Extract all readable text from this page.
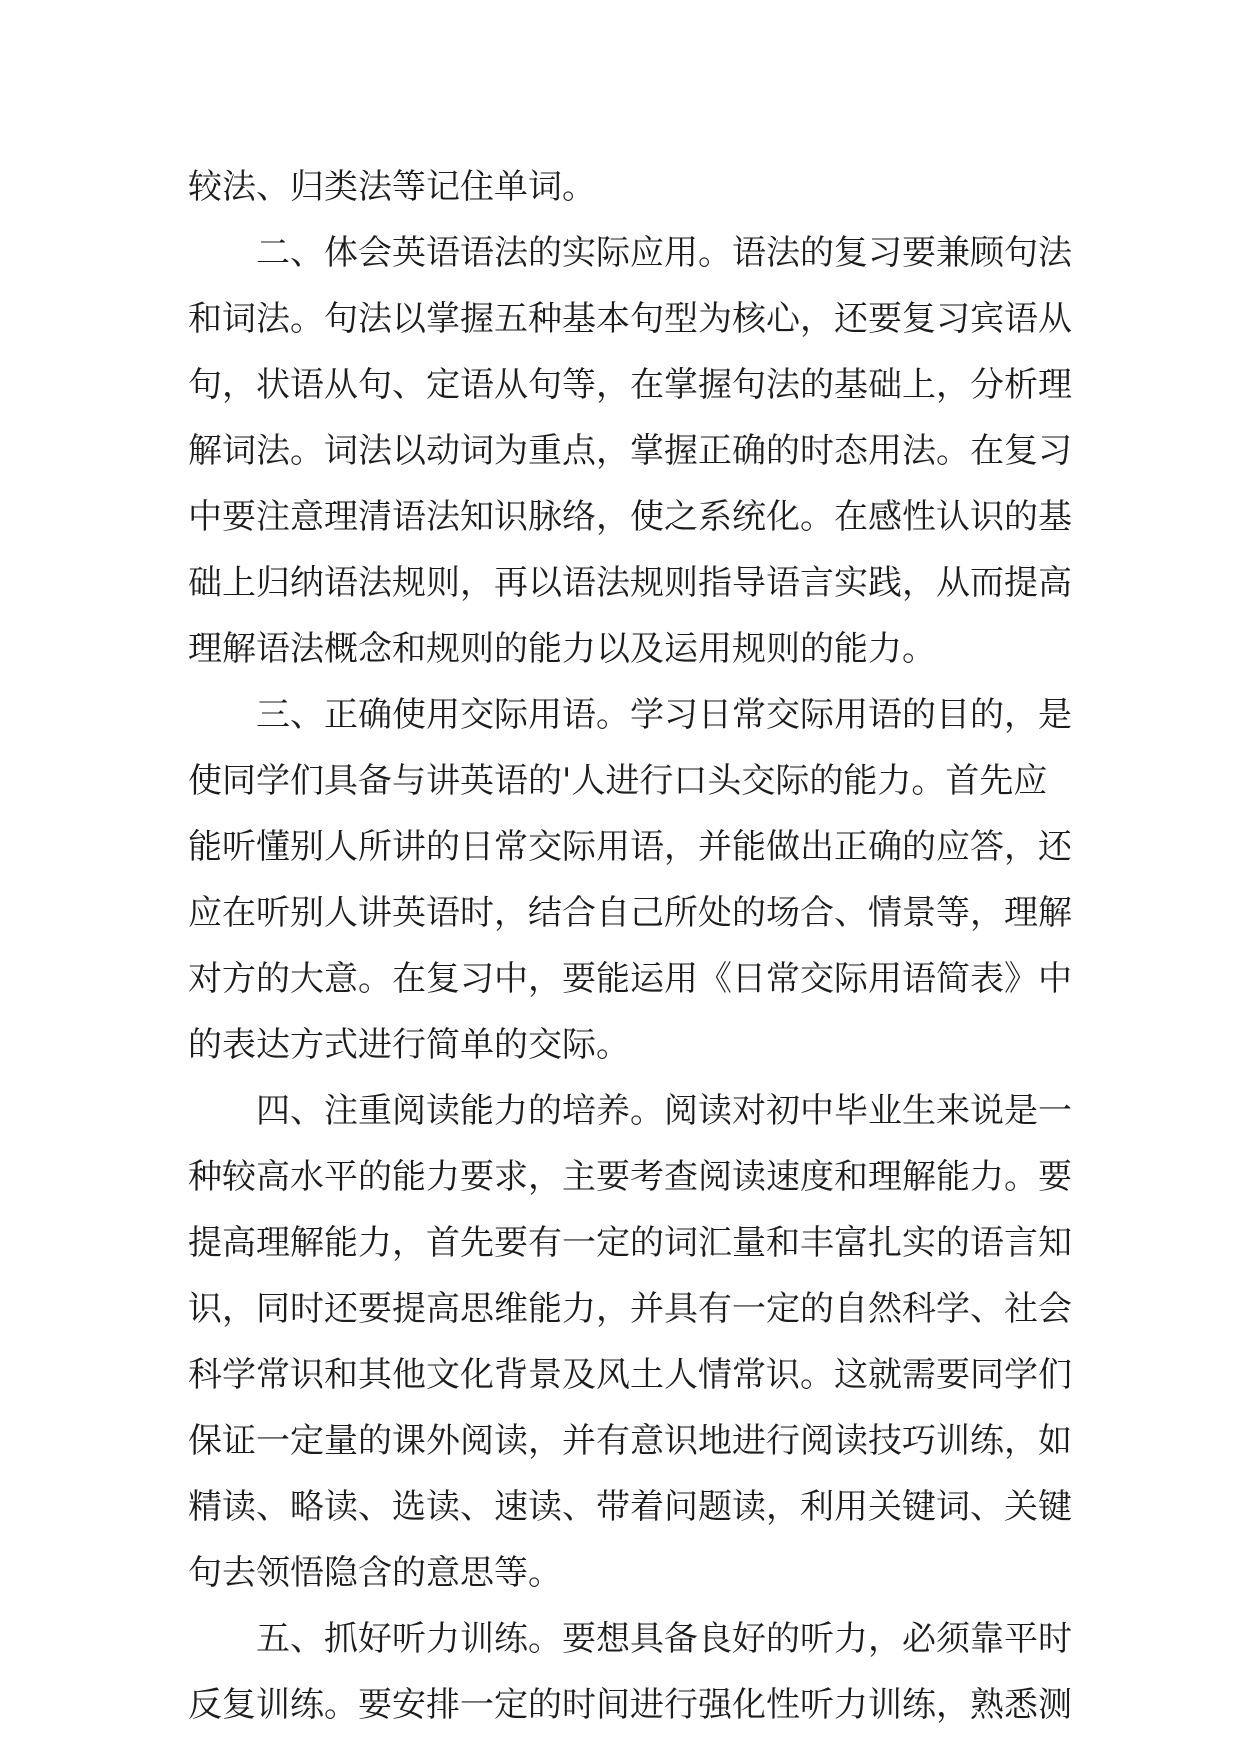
较法、归类法等记住单词。
二、体会英语语法的实际应用。语法的复习要兼顾句法
和词法。句法以掌握五种基本句型为核心，还要复习宾语从
句，状语从句、定语从句等，在掌握句法的基础上，分析理
解词法。词法以动词为重点，掌握正确的时态用法。在复习
中要注意理清语法知识脉络，使之系统化。在感性认识的基
础上归纳语法规则，再以语法规则指导语言实践，从而提高
理解语法概念和规则的能力以及运用规则的能力。
三、正确使用交际用语。学习日常交际用语的目的，是
使同学们具备与讲英语的'人进行口头交际的能力。首先应
能听懂别人所讲的日常交际用语，并能做出正确的应答，还
应在听别人讲英语时，结合自己所处的场合、情景等，理解
对方的大意。在复习中，要能运用《日常交际用语简表》中
的表达方式进行简单的交际。
四、注重阅读能力的培养。阅读对初中毕业生来说是一
种较高水平的能力要求，主要考查阅读速度和理解能力。要
提高理解能力，首先要有一定的词汇量和丰富扎实的语言知
识，同时还要提高思维能力，并具有一定的自然科学、社会
科学常识和其他文化背景及风土人情常识。这就需要同学们
保证一定量的课外阅读，并有意识地进行阅读技巧训练，如
精读、略读、选读、速读、带着问题读，利用关键词、关键
句去领悟隐含的意思等。
五、抓好听力训练。要想具备良好的听力，必须靠平时
反复训练。要安排一定的时间进行强化性听力训练，熟悉测
